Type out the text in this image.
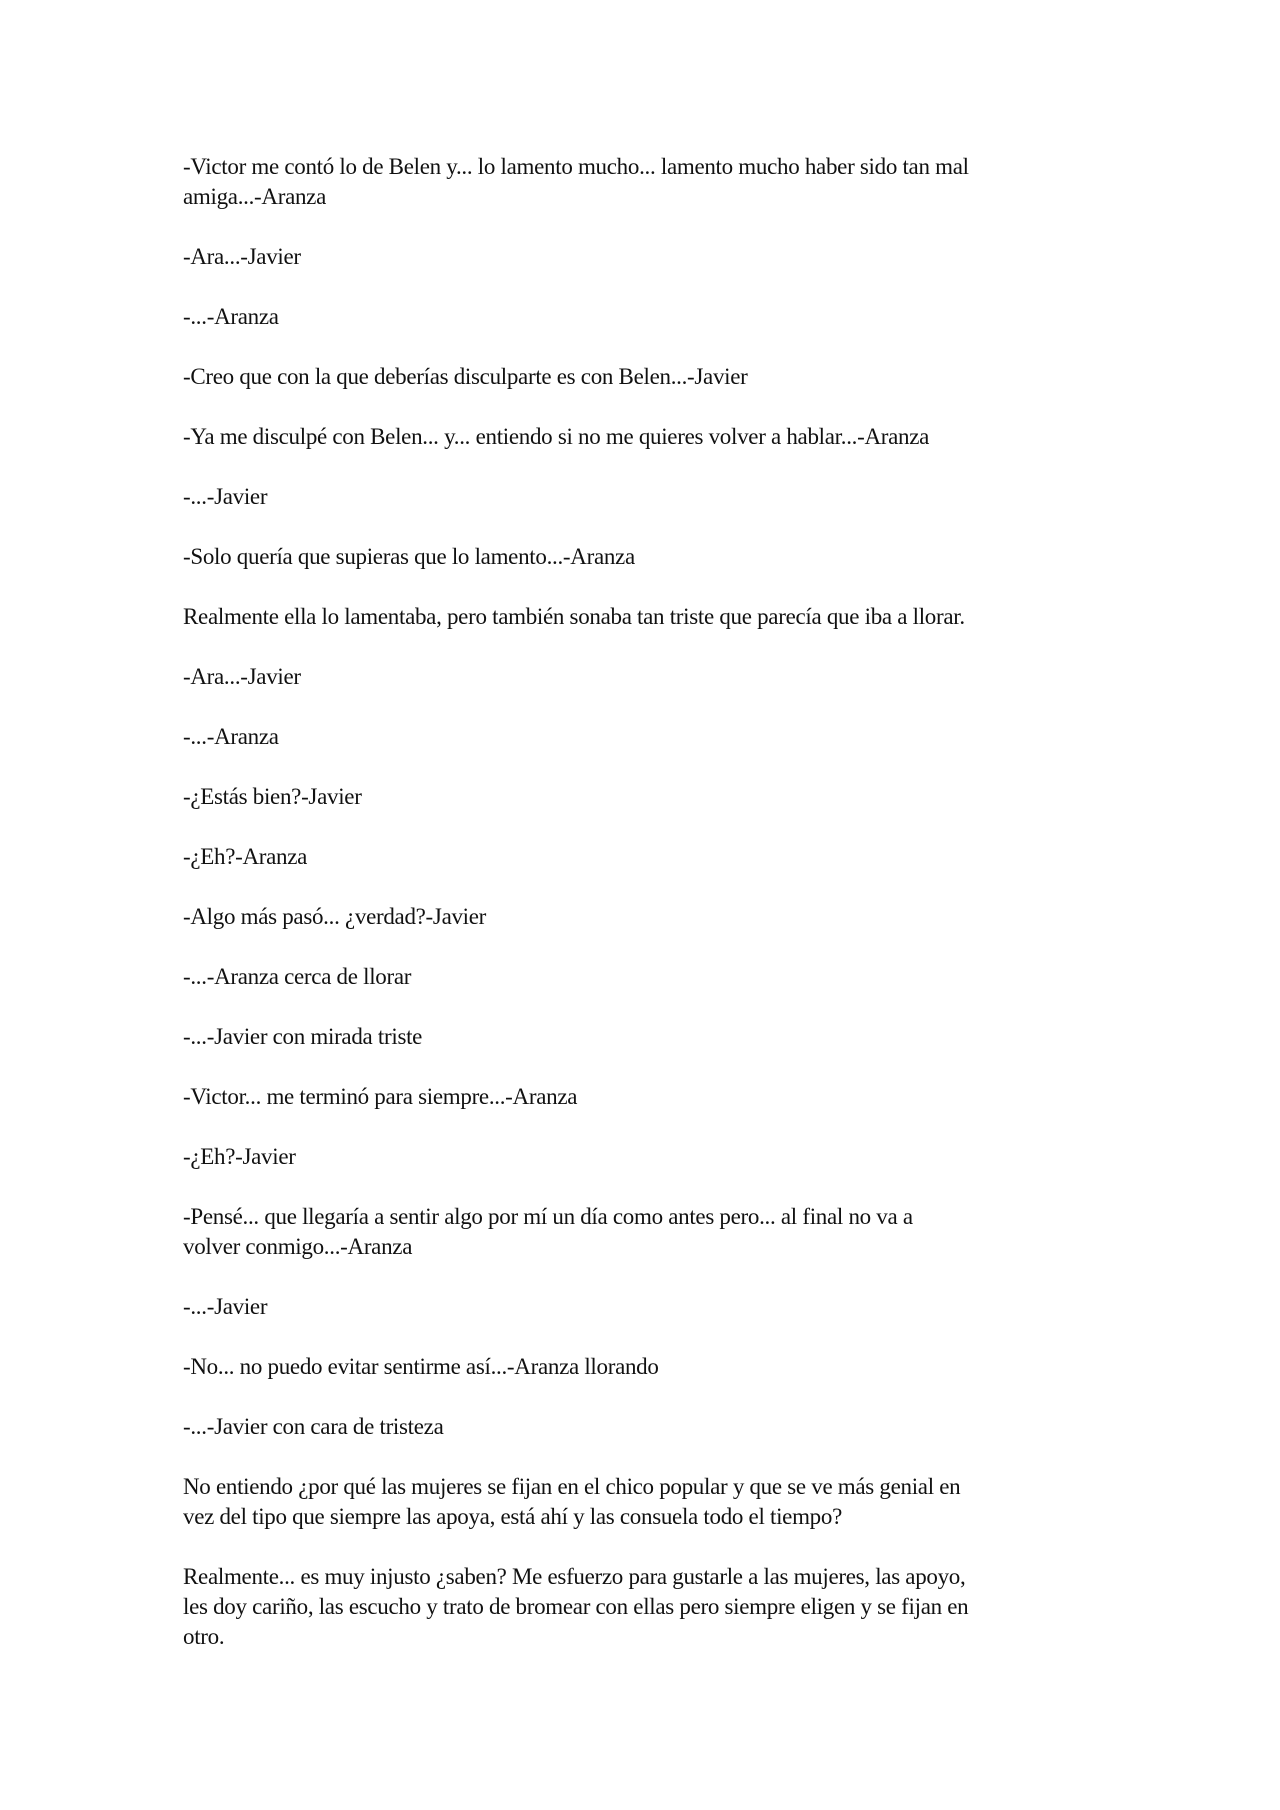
-Victor me contó lo de Belen y... lo lamento mucho... lamento mucho haber sido tan mal
amiga...-Aranza

-Ara...-Javier

-...-Aranza

-Creo que con la que deberías disculparte es con Belen...-Javier

-Ya me disculpé con Belen... y... entiendo si no me quieres volver a hablar...-Aranza

-...-Javier

-Solo quería que supieras que lo lamento...-Aranza

Realmente ella lo lamentaba, pero también sonaba tan triste que parecía que iba a llorar.

-Ara...-Javier

-...-Aranza

-¿Estás bien?-Javier

-¿Eh?-Aranza

-Algo más pasó... ¿verdad?-Javier

-...-Aranza cerca de llorar

-...-Javier con mirada triste

-Victor... me terminó para siempre...-Aranza

-¿Eh?-Javier

-Pensé... que llegaría a sentir algo por mí un día como antes pero... al final no va a
volver conmigo...-Aranza

-...-Javier

-No... no puedo evitar sentirme así...-Aranza llorando

-...-Javier con cara de tristeza

No entiendo ¿por qué las mujeres se fijan en el chico popular y que se ve más genial en
vez del tipo que siempre las apoya, está ahí y las consuela todo el tiempo?

Realmente... es muy injusto ¿saben? Me esfuerzo para gustarle a las mujeres, las apoyo,
les doy cariño, las escucho y trato de bromear con ellas pero siempre eligen y se fijan en
otro.
